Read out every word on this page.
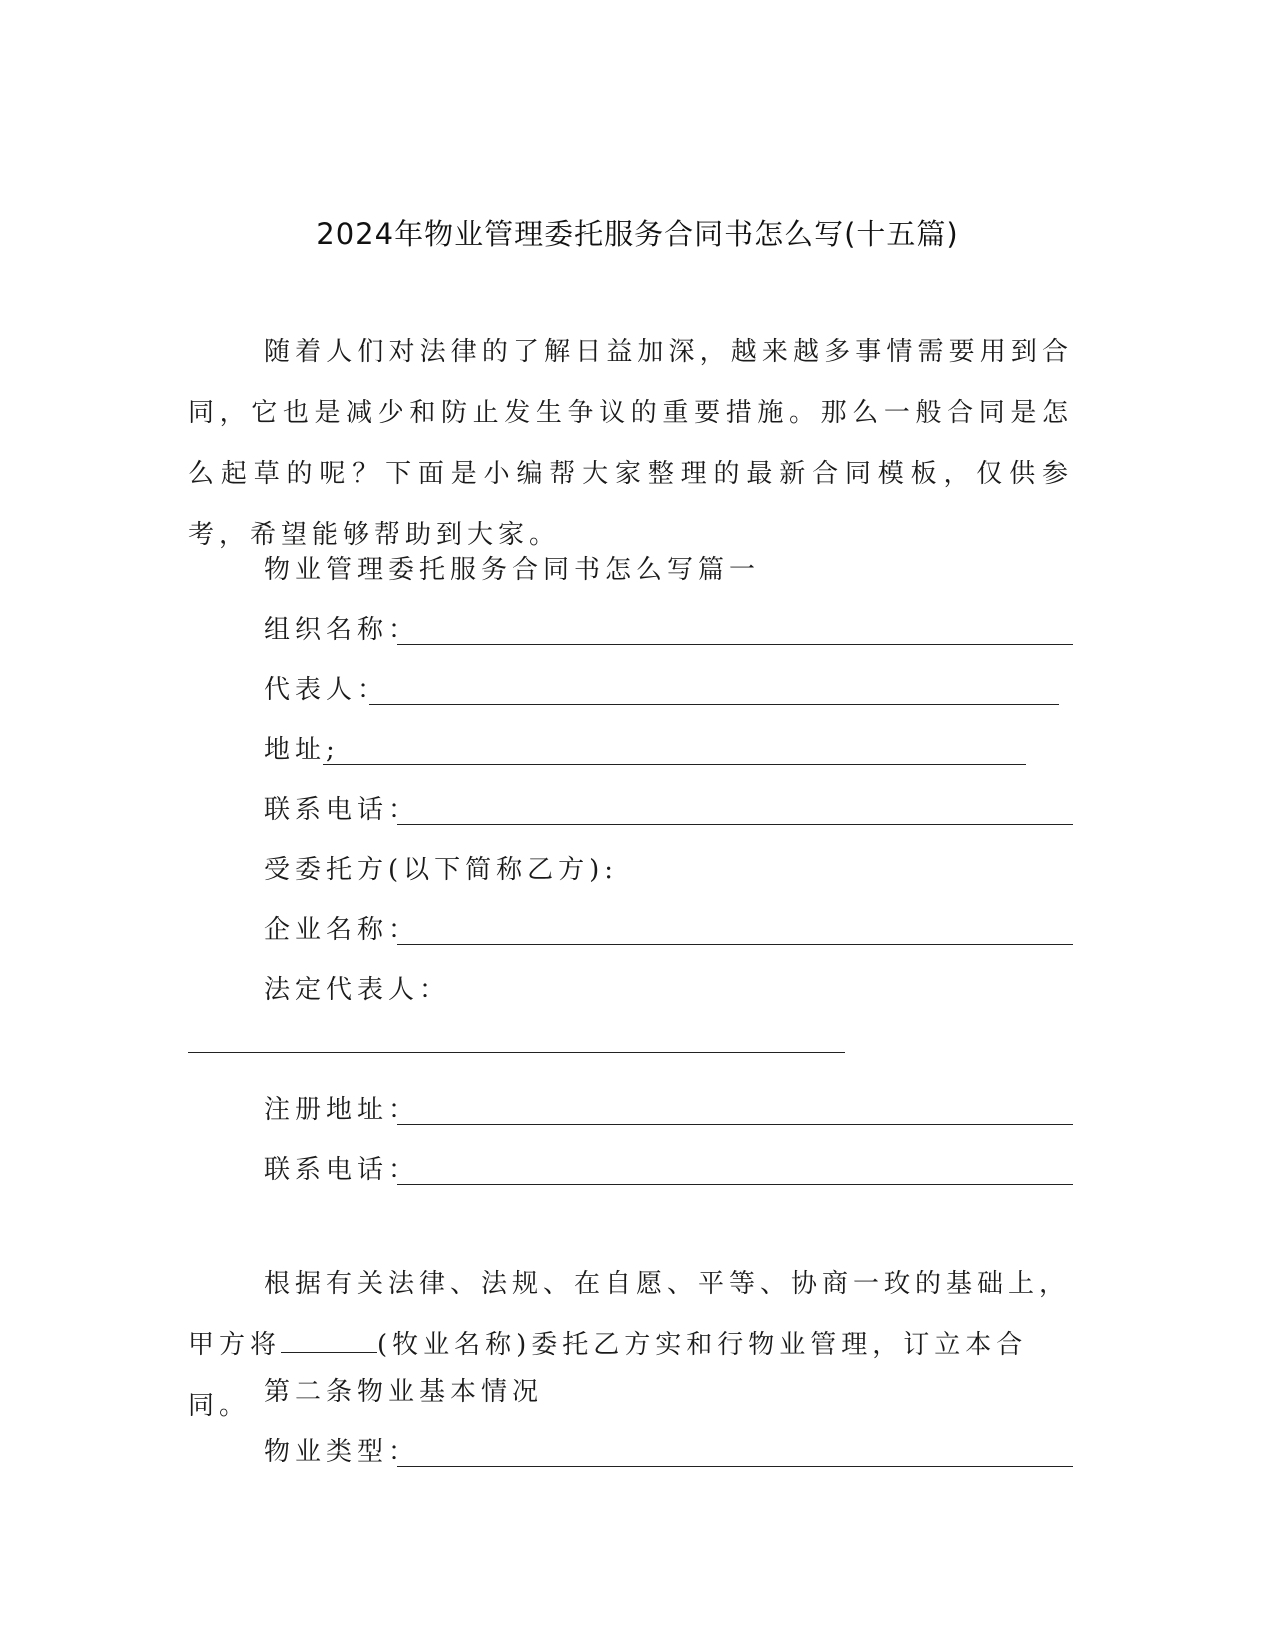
2024年物业管理委托服务合同书怎么写(十五篇)
随着人们对法律的了解日益加深，越来越多事情需要用到合同，它也是减少和防止发生争议的重要措施。那么一般合同是怎么起草的呢？下面是小编帮大家整理的最新合同模板，仅供参考，希望能够帮助到大家。
物业管理委托服务合同书怎么写篇一
组织名称：
代表人：
地址;
联系电话：
受委托方(以下简称乙方):
企业名称：
法定代表人：
注册地址：
联系电话：
根据有关法律、法规、在自愿、平等、协商一玫的基础上，甲方将	(牧业名称)委托乙方实和行物业管理，订立本合同。 第二条物业基本情况
物业类型：
